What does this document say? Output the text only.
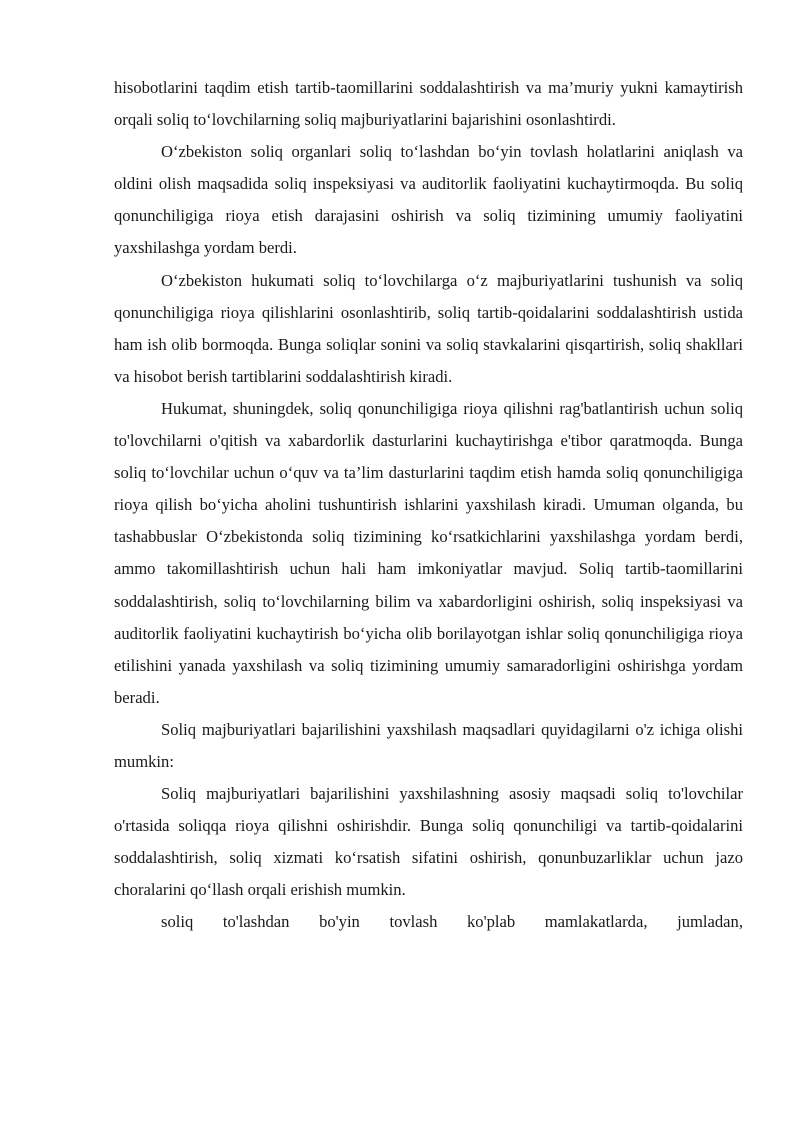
hisobotlarini taqdim etish tartib-taomillarini soddalashtirish va ma’muriy yukni kamaytirish orqali soliq to‘lovchilarning soliq majburiyatlarini bajarishini osonlashtirdi.

O‘zbekiston soliq organlari soliq to‘lashdan bo‘yin tovlash holatlarini aniqlash va oldini olish maqsadida soliq inspeksiyasi va auditorlik faoliyatini kuchaytirmoqda. Bu soliq qonunchiligiga rioya etish darajasini oshirish va soliq tizimining umumiy faoliyatini yaxshilashga yordam berdi.

O‘zbekiston hukumati soliq to‘lovchilarga o‘z majburiyatlarini tushunish va soliq qonunchiligiga rioya qilishlarini osonlashtirib, soliq tartib-qoidalarini soddalashtirish ustida ham ish olib bormoqda. Bunga soliqlar sonini va soliq stavkalarini qisqartirish, soliq shakllari va hisobot berish tartiblarini soddalashtirish kiradi.

Hukumat, shuningdek, soliq qonunchiligiga rioya qilishni rag'batlantirish uchun soliq to'lovchilarni o'qitish va xabardorlik dasturlarini kuchaytirishga e'tibor qaratmoqda. Bunga soliq to‘lovchilar uchun o‘quv va ta’lim dasturlarini taqdim etish hamda soliq qonunchiligiga rioya qilish bo‘yicha aholini tushuntirish ishlarini yaxshilash kiradi. Umuman olganda, bu tashabbuslar O‘zbekistonda soliq tizimining ko‘rsatkichlarini yaxshilashga yordam berdi, ammo takomillashtirish uchun hali ham imkoniyatlar mavjud. Soliq tartib-taomillarini soddalashtirish, soliq to‘lovchilarning bilim va xabardorligini oshirish, soliq inspeksiyasi va auditorlik faoliyatini kuchaytirish bo‘yicha olib borilayotgan ishlar soliq qonunchiligiga rioya etilishini yanada yaxshilash va soliq tizimining umumiy samaradorligini oshirishga yordam beradi.

Soliq majburiyatlari bajarilishini yaxshilash maqsadlari quyidagilarni o'z ichiga olishi mumkin:

Soliq majburiyatlari bajarilishini yaxshilashning asosiy maqsadi soliq to'lovchilar o'rtasida soliqqa rioya qilishni oshirishdir. Bunga soliq qonunchiligi va tartib-qoidalarini soddalashtirish, soliq xizmati ko‘rsatish sifatini oshirish, qonunbuzarliklar uchun jazo choralarini qo‘llash orqali erishish mumkin.

soliq to'lashdan bo'yin tovlash ko'plab mamlakatlarda, jumladan,
